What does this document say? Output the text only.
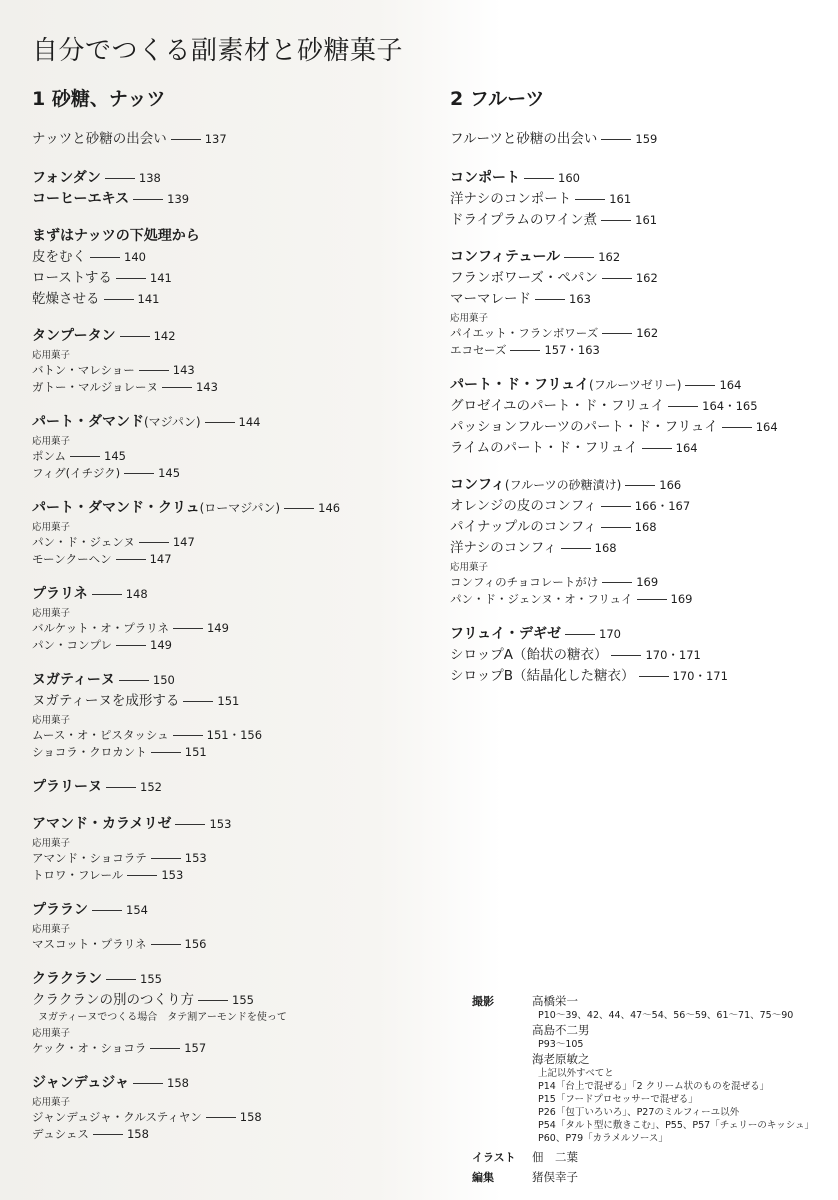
自分でつくる副素材と砂糖菓子
1 砂糖、ナッツ
ナッツと砂糖の出会い	137
フォンダン	138
コーヒーエキス	139
まずはナッツの下処理から
皮をむく	140
ローストする	141
乾燥させる	141
タンプータン	142
応用菓子
バトン・マレショー	143
ガトー・マルジョレーヌ	143
パート・ダマンド(マジパン)	144
応用菓子
ポンム	145
フィグ(イチジク)	145
パート・ダマンド・クリュ(ローマジパン)	146
応用菓子
パン・ド・ジェンヌ	147
モーンクーヘン	147
プラリネ	148
応用菓子
バルケット・オ・プラリネ	149
パン・コンプレ	149
ヌガティーヌ	150
ヌガティーヌを成形する	151
応用菓子
ムース・オ・ピスタッシュ	151・156
ショコラ・クロカント	151
プラリーヌ	152
アマンド・カラメリゼ	153
応用菓子
アマンド・ショコラテ	153
トロワ・フレール	153
プララン	154
応用菓子
マスコット・プラリネ	156
クラクラン	155
クラクランの別のつくり方	155
ヌガティーヌでつくる場合　タテ割アーモンドを使って
応用菓子
ケック・オ・ショコラ	157
ジャンデュジャ	158
応用菓子
ジャンデュジャ・クルスティヤン	158
デュシェス	158
2 フルーツ
フルーツと砂糖の出会い	159
コンポート	160
洋ナシのコンポート	161
ドライプラムのワイン煮	161
コンフィテュール	162
フランボワーズ・ぺパン	162
マーマレード	163
応用菓子
パイエット・フランボワーズ	162
エコセーズ	157・163
パート・ド・フリュイ(フルーツゼリー)	164
グロゼイユのパート・ド・フリュイ	164・165
パッションフルーツのパート・ド・フリュイ	164
ライムのパート・ド・フリュイ	164
コンフィ(フルーツの砂糖漬け)	166
オレンジの皮のコンフィ	166・167
パイナップルのコンフィ	168
洋ナシのコンフィ	168
応用菓子
コンフィのチョコレートがけ	169
パン・ド・ジェンヌ・オ・フリュイ	169
フリュイ・デギゼ	170
シロップA（飴状の糖衣）	170・171
シロップB（結晶化した糖衣）	170・171
撮影	高橋栄一
P10～39、42、44、47～54、56～59、61～71、75～90
高島不二男
P93～105
海老原敏之
上記以外すべてと
P14「台上で混ぜる」「2 クリーム状のものを混ぜる」
P15「フードプロセッサーで混ぜる」
P26「包丁いろいろ」、P27のミルフィーユ以外
P54「タルト型に敷きこむ」、P55、P57「チェリーのキッシュ」
P60、P79「カラメルソース」
イラスト	佃　二葉
編集	猪俣幸子
